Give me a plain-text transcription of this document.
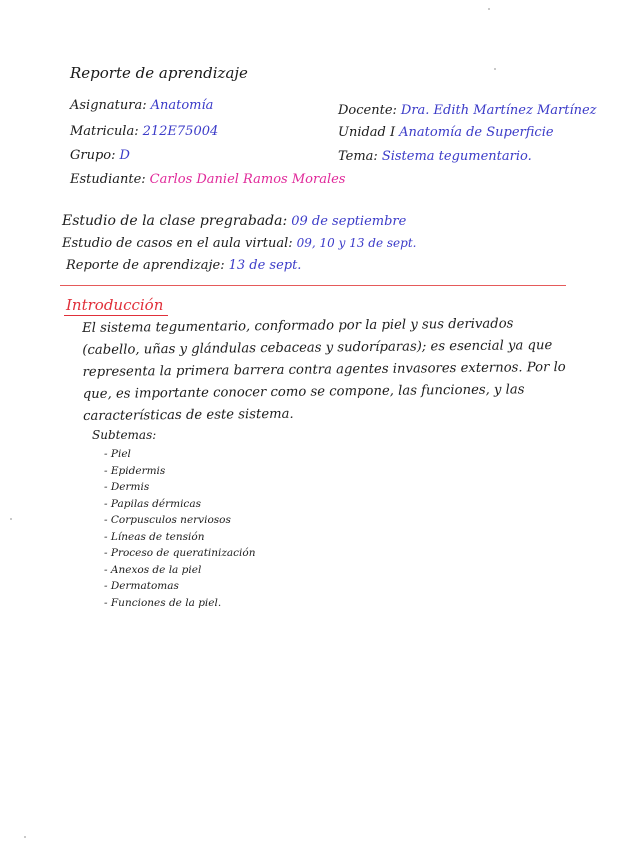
Reporte de aprendizaje
Asignatura: Anatomía
Matricula: 212E75004
Grupo: D
Estudiante: Carlos Daniel Ramos Morales
Docente: Dra. Edith Martínez Martínez
Unidad I Anatomía de Superficie
Tema: Sistema tegumentario.
Estudio de la clase pregrabada: 09 de septiembre
Estudio de casos en el aula virtual: 09, 10 y 13 de sept.
Reporte de aprendizaje: 13 de sept.
Introducción
El sistema tegumentario, conformado por la piel y sus derivados (cabello, uñas y glándulas cebaceas y sudoríparas); es esencial ya que representa la primera barrera contra agentes invasores externos. Por lo que, es importante conocer como se compone, las funciones, y las características de este sistema.
Subtemas:
- Piel
- Epidermis
- Dermis
- Papilas dérmicas
- Corpusculos nerviosos
- Líneas de tensión
- Proceso de queratinización
- Anexos de la piel
- Dermatomas
- Funciones de la piel.
